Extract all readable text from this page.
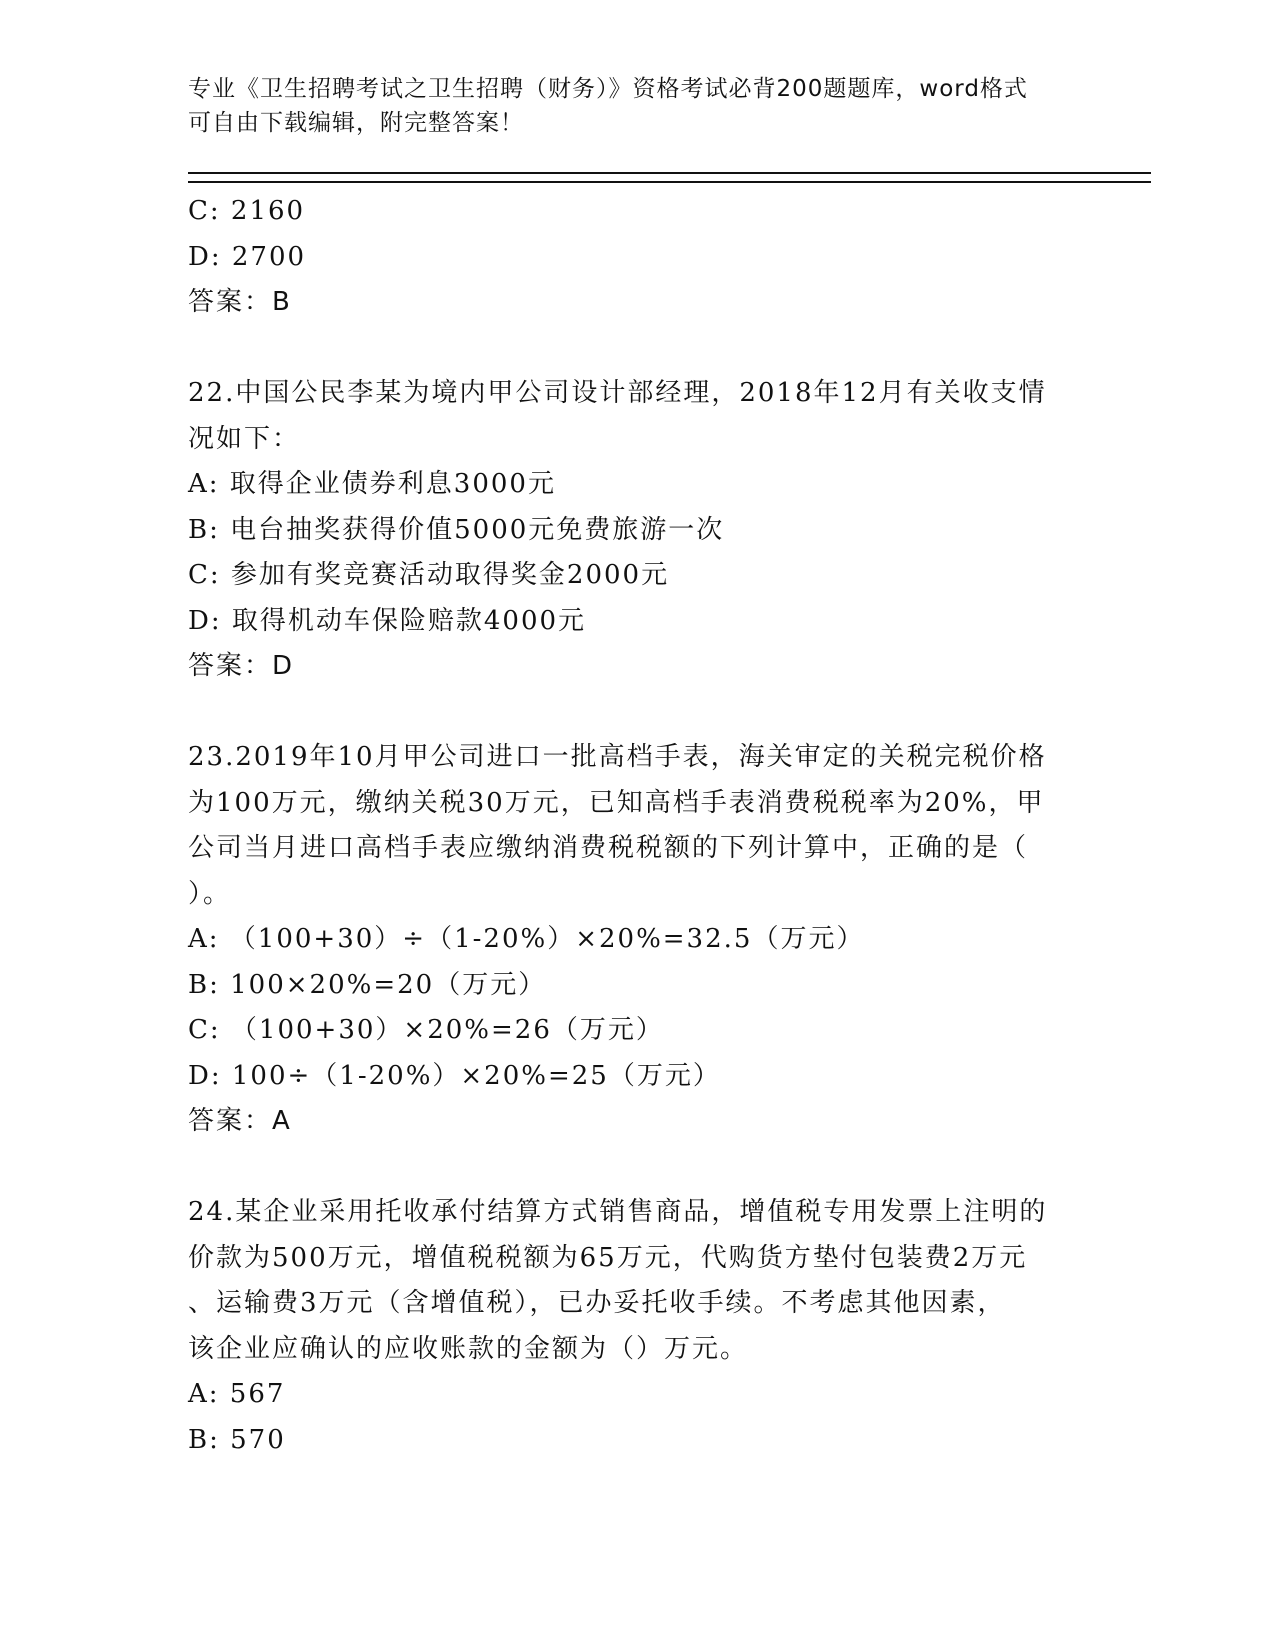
专业《卫生招聘考试之卫生招聘（财务）》资格考试必背200题题库，word格式
可自由下载编辑，附完整答案！
C: 2160
D: 2700
答案：B
22.中国公民李某为境内甲公司设计部经理，2018年12月有关收支情
况如下：
A: 取得企业债券利息3000元
B: 电台抽奖获得价值5000元免费旅游一次
C: 参加有奖竞赛活动取得奖金2000元
D: 取得机动车保险赔款4000元
答案：D
23.2019年10月甲公司进口一批高档手表，海关审定的关税完税价格
为100万元，缴纳关税30万元，已知高档手表消费税税率为20%，甲
公司当月进口高档手表应缴纳消费税税额的下列计算中，正确的是（
）。
A: （100+30）÷（1-20%）×20%=32.5（万元）
B: 100×20%=20（万元）
C: （100+30）×20%=26（万元）
D: 100÷（1-20%）×20%=25（万元）
答案：A
24.某企业采用托收承付结算方式销售商品，增值税专用发票上注明的
价款为500万元，增值税税额为65万元，代购货方垫付包装费2万元
、运输费3万元（含增值税），已办妥托收手续。不考虑其他因素，
该企业应确认的应收账款的金额为（）万元。
A: 567
B: 570
